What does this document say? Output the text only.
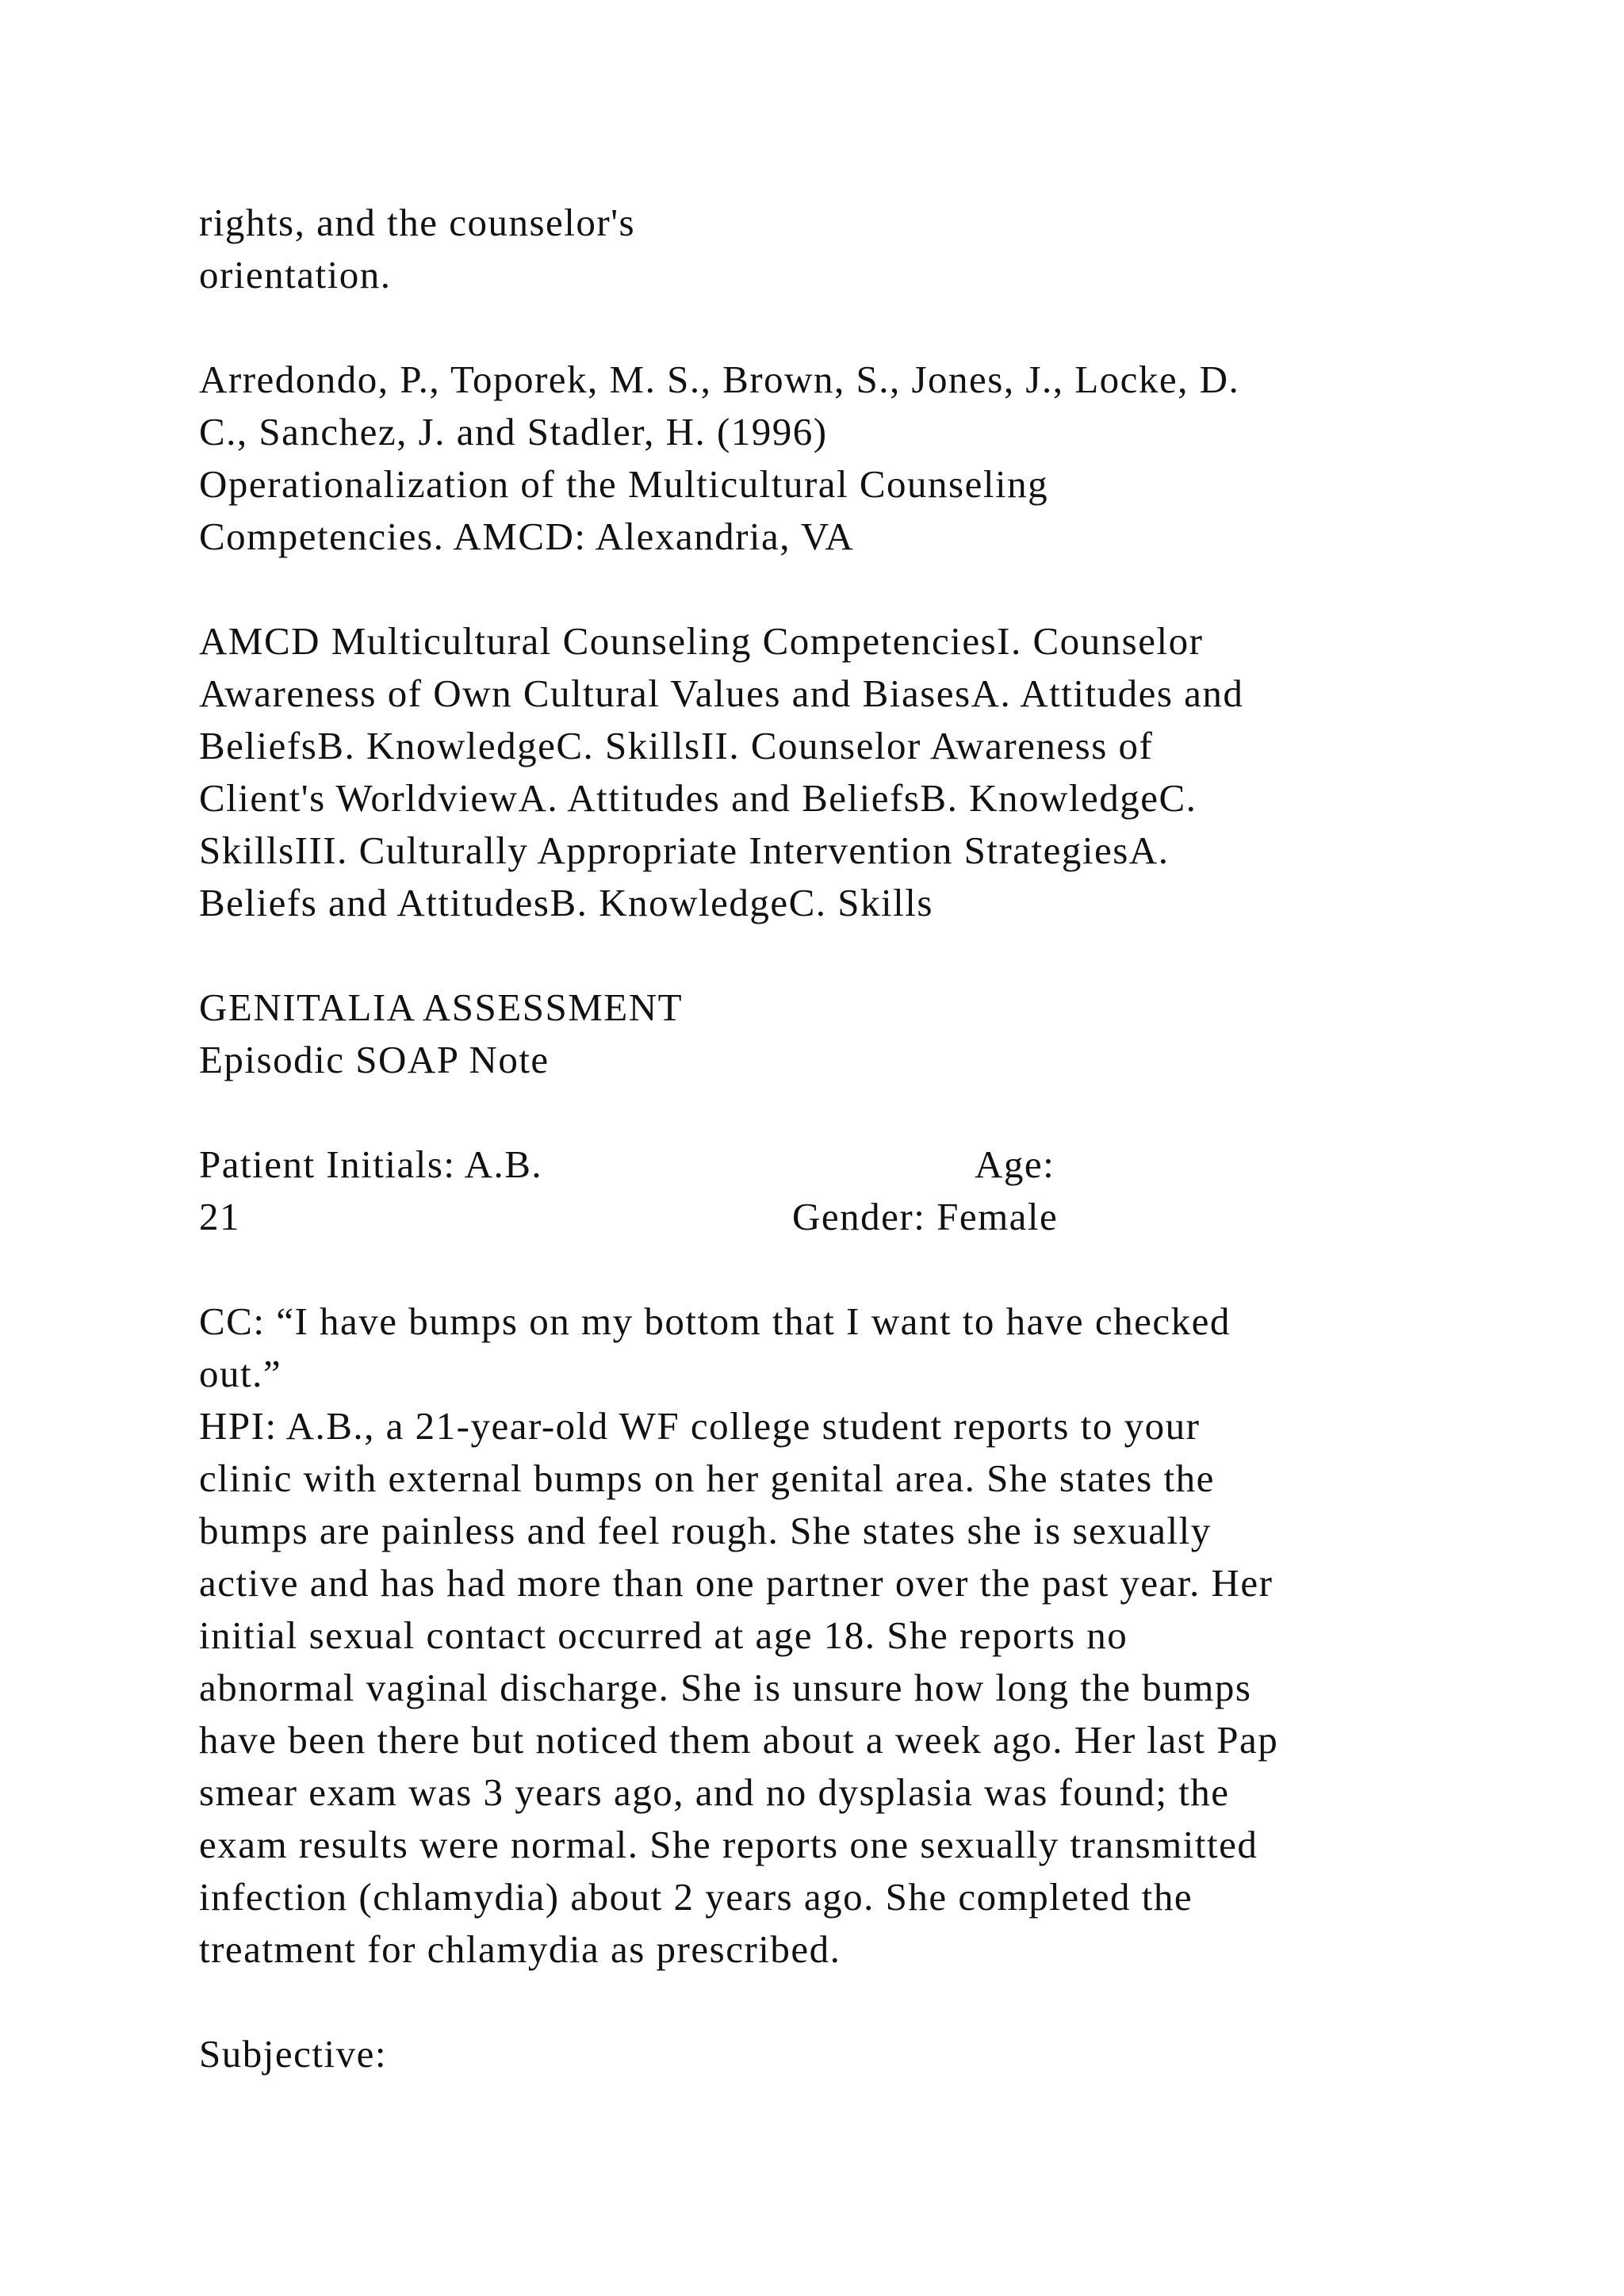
rights, and the counselor's
orientation.
Arredondo, P., Toporek, M. S., Brown, S., Jones, J., Locke, D.
C., Sanchez, J. and Stadler, H. (1996)
Operationalization of the Multicultural Counseling
Competencies. AMCD: Alexandria, VA
AMCD Multicultural Counseling CompetenciesI. Counselor
Awareness of Own Cultural Values and BiasesA. Attitudes and
BeliefsB. KnowledgeC. SkillsII. Counselor Awareness of
Client's WorldviewA. Attitudes and BeliefsB. KnowledgeC.
SkillsIII. Culturally Appropriate Intervention StrategiesA.
Beliefs and AttitudesB. KnowledgeC. Skills
GENITALIA ASSESSMENT
Episodic SOAP Note

Patient Initials: A.B.

	Age:

21

	Gender: Female

CC: “I have bumps on my bottom that I want to have checked
out.”
HPI: A.B., a 21-year-old WF college student reports to your
clinic with external bumps on her genital area. She states the
bumps are painless and feel rough. She states she is sexually
active and has had more than one partner over the past year. Her
initial sexual contact occurred at age 18. She reports no
abnormal vaginal discharge. She is unsure how long the bumps
have been there but noticed them about a week ago. Her last Pap
smear exam was 3 years ago, and no dysplasia was found; the
exam results were normal. She reports one sexually transmitted
infection (chlamydia) about 2 years ago. She completed the
treatment for chlamydia as prescribed.
Subjective:
